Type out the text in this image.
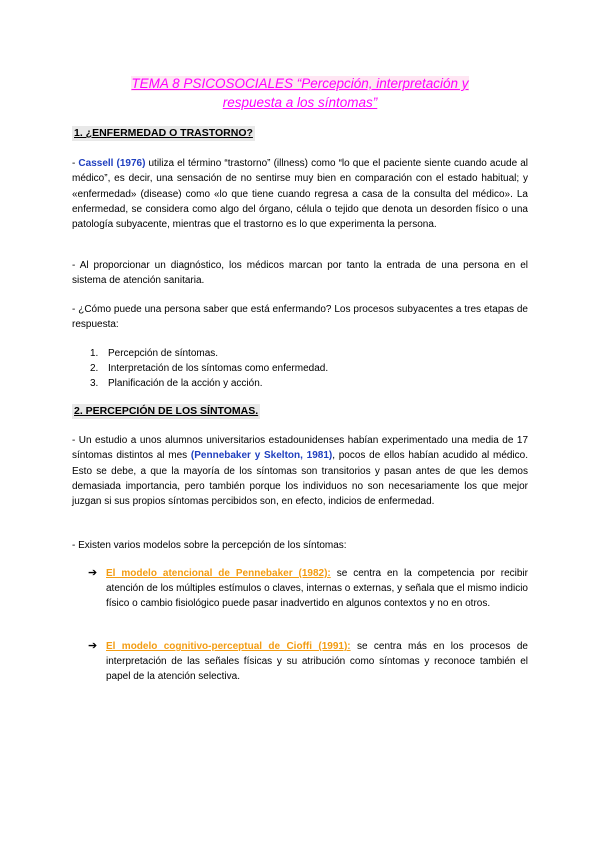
TEMA 8 PSICOSOCIALES “Percepción, interpretación y
respuesta a los síntomas”
1. ¿ENFERMEDAD O TRASTORNO?
- Cassell (1976) utiliza el término “trastorno” (illness) como “lo que el paciente siente cuando acude al médico”, es decir, una sensación de no sentirse muy bien en comparación con el estado habitual; y «enfermedad» (disease) como «lo que tiene cuando regresa a casa de la consulta del médico». La enfermedad, se considera como algo del órgano, célula o tejido que denota un desorden físico o una patología subyacente, mientras que el trastorno es lo que experimenta la persona.
- Al proporcionar un diagnóstico, los médicos marcan por tanto la entrada de una persona en el sistema de atención sanitaria.
- ¿Cómo puede una persona saber que está enfermando? Los procesos subyacentes a tres etapas de respuesta:
1. Percepción de síntomas.
2. Interpretación de los síntomas como enfermedad.
3. Planificación de la acción y acción.
2. PERCEPCIÓN DE LOS SÍNTOMAS.
- Un estudio a unos alumnos universitarios estadounidenses habían experimentado una media de 17 síntomas distintos al mes (Pennebaker y Skelton, 1981), pocos de ellos habían acudido al médico. Esto se debe, a que la mayoría de los síntomas son transitorios y pasan antes de que les demos demasiada importancia, pero también porque los individuos no son necesariamente los que mejor juzgan si sus propios síntomas percibidos son, en efecto, indicios de enfermedad.
- Existen varios modelos sobre la percepción de los síntomas:
➔ El modelo atencional de Pennebaker (1982): se centra en la competencia por recibir atención de los múltiples estímulos o claves, internas o externas, y señala que el mismo indicio físico o cambio fisiológico puede pasar inadvertido en algunos contextos y no en otros.
➔ El modelo cognitivo-perceptual de Cioffi (1991): se centra más en los procesos de interpretación de las señales físicas y su atribución como síntomas y reconoce también el papel de la atención selectiva.
